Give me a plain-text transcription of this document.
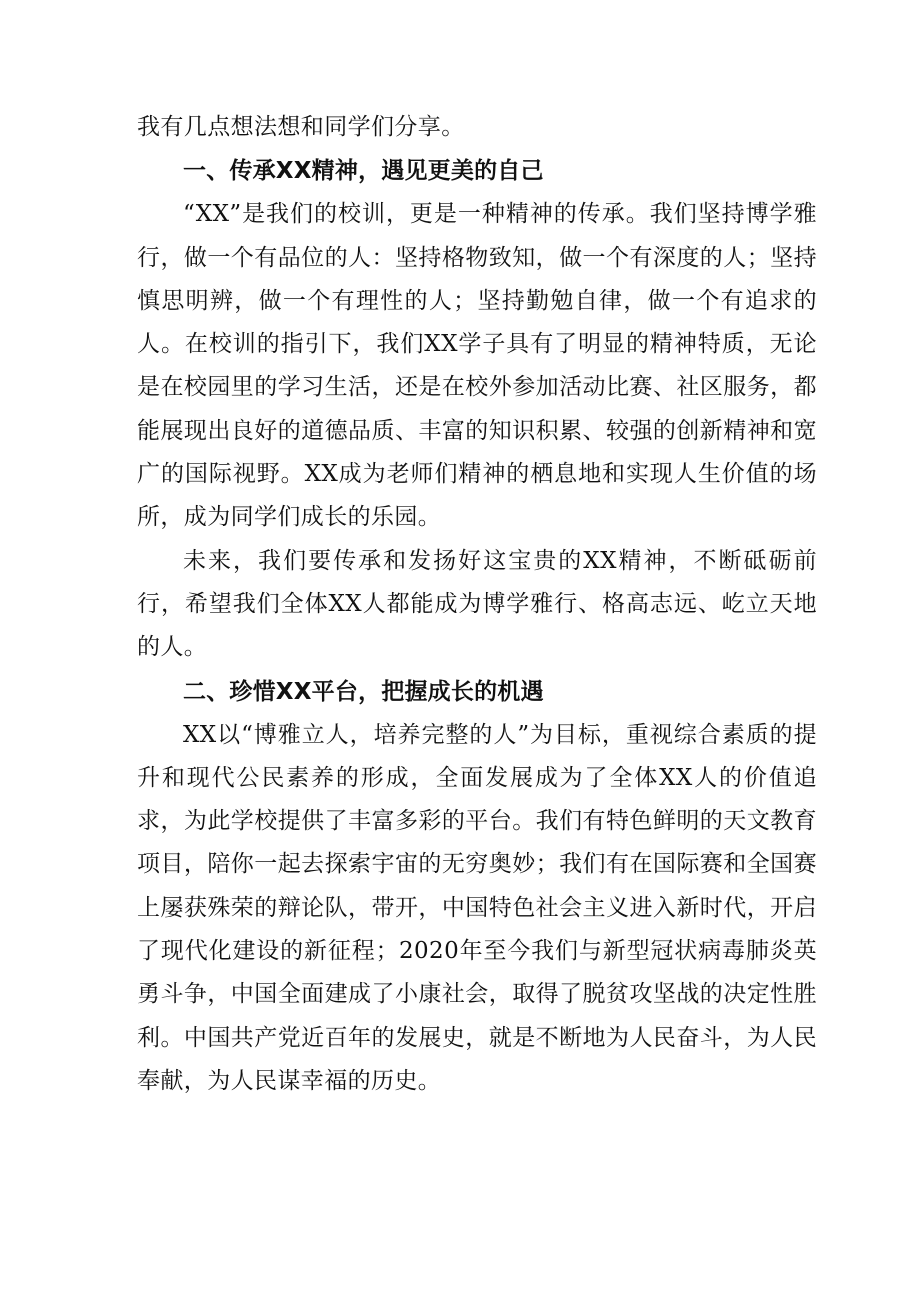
我有几点想法想和同学们分享。

一、传承XX精神，遇见更美的自己

“XX”是我们的校训，更是一种精神的传承。我们坚持博学雅行，做一个有品位的人：坚持格物致知，做一个有深度的人；坚持慎思明辨，做一个有理性的人；坚持勤勉自律，做一个有追求的人。在校训的指引下，我们XX学子具有了明显的精神特质，无论是在校园里的学习生活，还是在校外参加活动比赛、社区服务，都能展现出良好的道德品质、丰富的知识积累、较强的创新精神和宽广的国际视野。XX成为老师们精神的栖息地和实现人生价值的场所，成为同学们成长的乐园。

未来，我们要传承和发扬好这宝贵的XX精神，不断砥砺前行，希望我们全体XX人都能成为博学雅行、格高志远、屹立天地的人。

二、珍惜XX平台，把握成长的机遇

XX以“博雅立人，培养完整的人”为目标，重视综合素质的提升和现代公民素养的形成，全面发展成为了全体XX人的价值追求，为此学校提供了丰富多彩的平台。我们有特色鲜明的天文教育项目，陪你一起去探索宇宙的无穷奥妙；我们有在国际赛和全国赛上屡获殊荣的辩论队，带开，中国特色社会主义进入新时代，开启了现代化建设的新征程；2020年至今我们与新型冠状病毒肺炎英勇斗争，中国全面建成了小康社会，取得了脱贫攻坚战的决定性胜利。中国共产党近百年的发展史，就是不断地为人民奋斗，为人民奉献，为人民谋幸福的历史。
